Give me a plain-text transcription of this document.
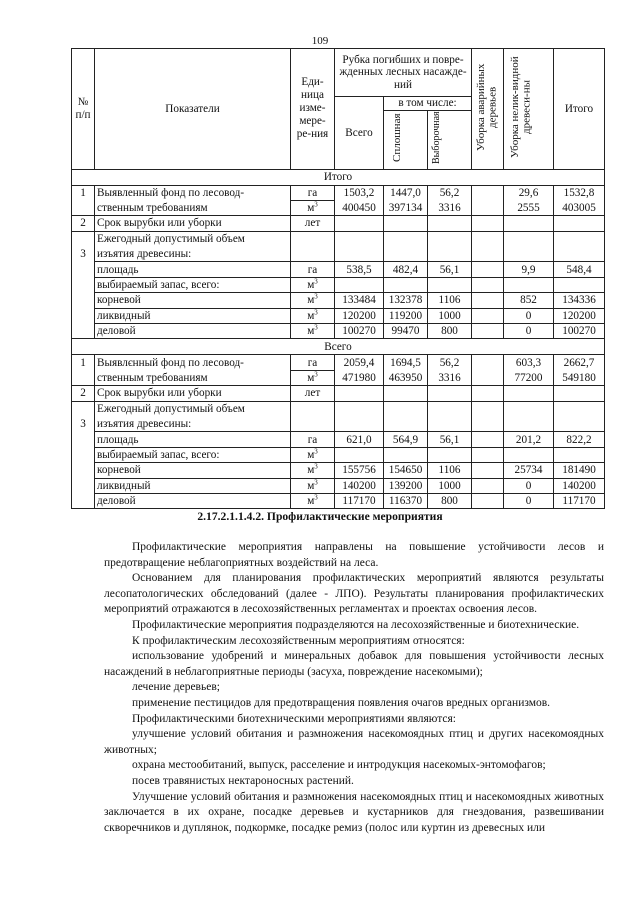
109
№ п/п	Показатели	Еди-ница изме-мере-ре-ния	Рубка погибших и повре-жденных лесных насажде-ний			Уборка аварийных деревьев	Уборка нелик-видной древеси-ны	Итого
			Всего	в том числе:				
				Сплошная	Выборочная			
Итого								
1	Выявленный фонд по лесовод-	га	1503,2	1447,0	56,2		29,6	1532,8
	ственным требованиям	$м^3$	400450	397134	3316		2555	403005
2	Срок вырубки или уборки	лет						
	Ежегодный допустимый объем							
3	изъятия древесины:							
	площадь	га	538,5	482,4	56,1		9,9	548,4
	выбираемый запас, всего:	$м^3$						
	корневой	$м^3$	133484	132378	1106		852	134336
	ликвидный	$м^3$	120200	119200	1000		0	120200
	деловой	$м^3$	100270	99470	800		0	100270
Всего								
1	Выявлєнный фонд по лесовод-	га	2059,4	1694,5	56,2		603,3	2662,7
	ственным требованиям	$м^3$	471980	463950	3316		77200	549180
2	Срок вырубки или уборки	лет						
	Ежегодный допустимый объем							
3	изъятия древесины:							
	площадь	га	621,0	564,9	56,1		201,2	822,2
	выбираемый запас, всего:	$м^3$						
	корневой	$м^3$	155756	154650	1106		25734	181490
	ликвидный	$м^3$	140200	139200	1000		0	140200
	деловой	$м^3$	117170	116370	800		0	117170
2.17.2.1.1.4.2. Профилактические мероприятия

Профилактические мероприятия направлены на повышение устойчивости лесов и предотвращение неблагоприятных воздействий на леса.

Основанием для планирования профилактических мероприятий являются результаты лесопатологических обследований (далее - ЛПО). Результаты планирования профилактических мероприятий отражаются в лесохозяйственных регламентах и проектах освоения лесов.

Профилактические мероприятия подразделяются на лесохозяйственные и биотехнические.

К профилактическим лесохозяйственным мероприятиям относятся:

использование удобрений и минеральных добавок для повышения устойчивости лесных насаждений в неблагоприятные периоды (засуха, повреждение насекомыми);

лечение деревьев;

применение пестицидов для предотвращения появления очагов вредных организмов.

Профилактическими биотехническими мероприятиями являются:

улучшение условий обитания и размножения насекомоядных птиц и других насекомоядных животных;

охрана местообитаний, выпуск, расселение и интродукция насекомых-энтомофагов;

посев травянистых нектароносных растений.

Улучшение условий обитания и размножения насекомоядных птиц и насекомоядных животных заключается в их охране, посадке деревьев и кустарников для гнездования, развешивании скворечников и дуплянок, подкормке, посадке ремиз (полос или куртин из древесных или
